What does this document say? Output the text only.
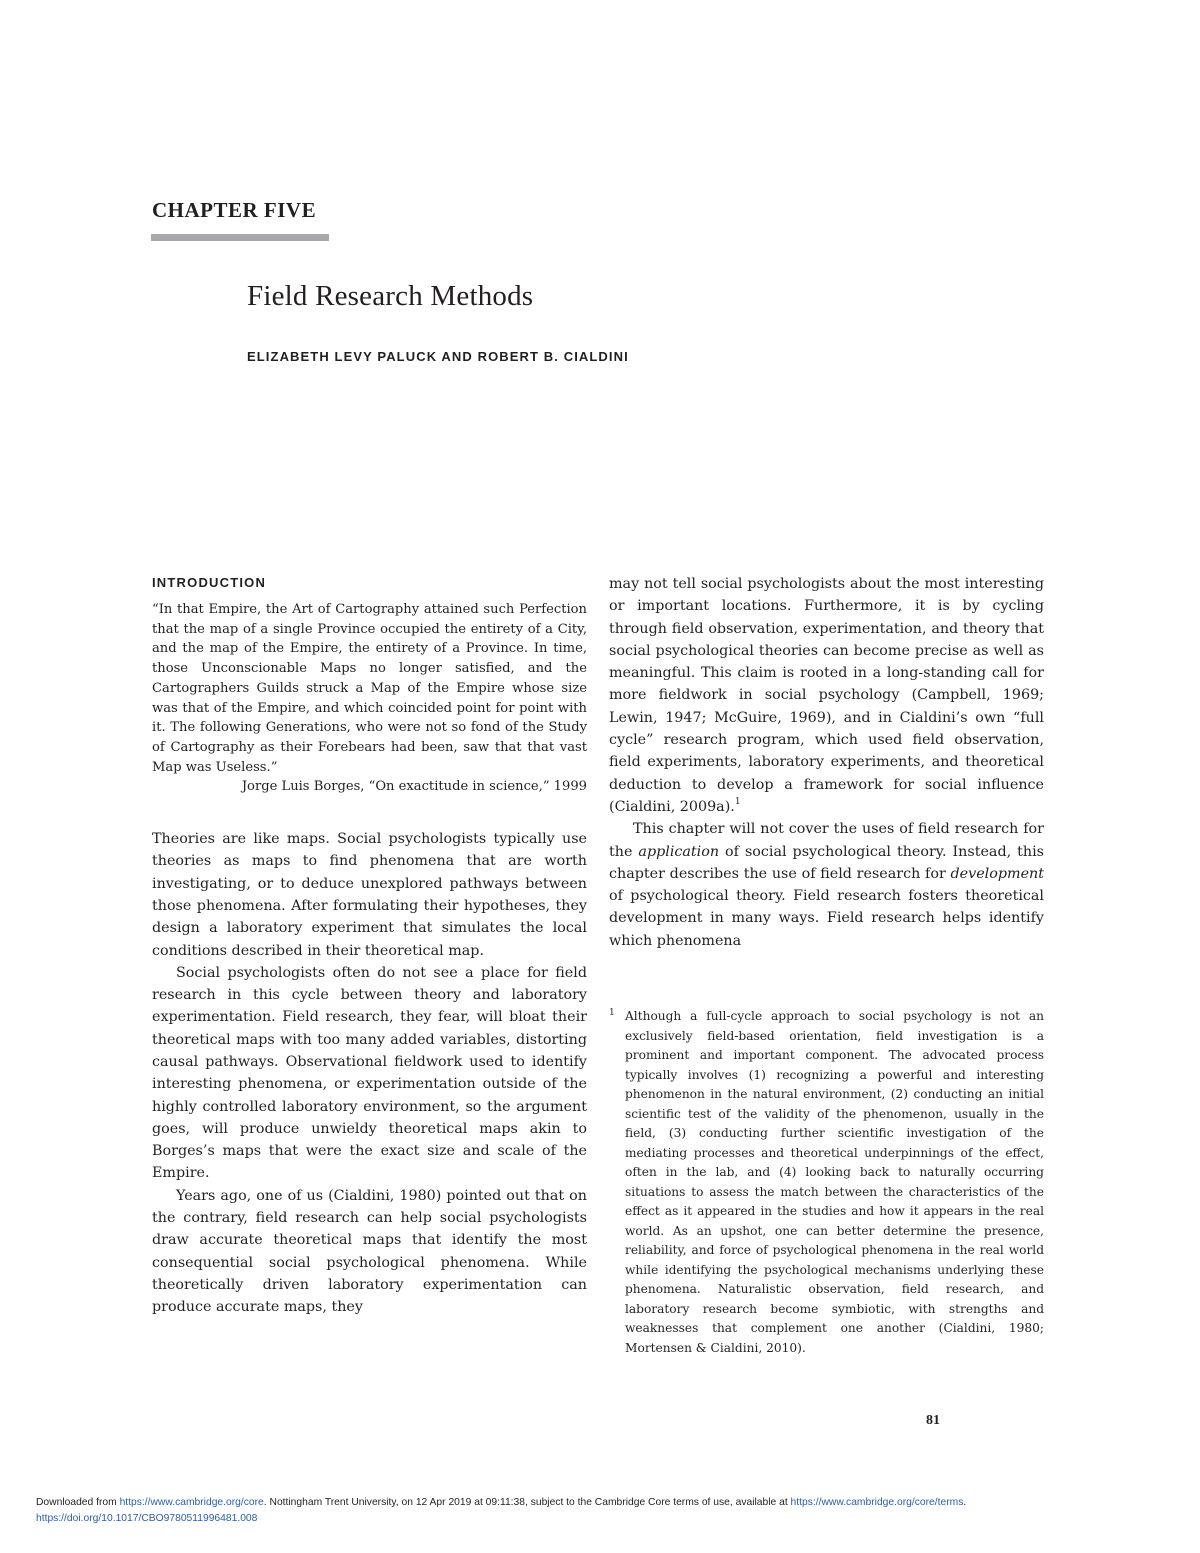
CHAPTER FIVE
Field Research Methods
ELIZABETH LEVY PALUCK AND ROBERT B. CIALDINI
INTRODUCTION

“In that Empire, the Art of Cartography attained such Perfection that the map of a single Province occupied the entirety of a City, and the map of the Empire, the entirety of a Province. In time, those Unconscionable Maps no longer satisfied, and the Cartographers Guilds struck a Map of the Empire whose size was that of the Empire, and which coincided point for point with it. The following Generations, who were not so fond of the Study of Cartography as their Forebears had been, saw that that vast Map was Useless.”

Jorge Luis Borges, “On exactitude in science,” 1999

Theories are like maps. Social psychologists typically use theories as maps to find phenomena that are worth investigating, or to deduce unexplored pathways between those phenomena. After formulating their hypotheses, they design a laboratory experiment that simulates the local conditions described in their theoretical map.

Social psychologists often do not see a place for field research in this cycle between theory and laboratory experimentation. Field research, they fear, will bloat their theoretical maps with too many added variables, distorting causal pathways. Observational fieldwork used to identify interesting phenomena, or experimentation outside of the highly controlled laboratory environment, so the argument goes, will produce unwieldy theoretical maps akin to Borges’s maps that were the exact size and scale of the Empire.

Years ago, one of us (Cialdini, 1980) pointed out that on the contrary, field research can help social psychologists draw accurate theoretical maps that identify the most consequential social psychological phenomena. While theoretically driven laboratory experimentation can produce accurate maps, they

may not tell social psychologists about the most interesting or important locations. Furthermore, it is by cycling through field observation, experimentation, and theory that social psychological theories can become precise as well as meaningful. This claim is rooted in a long-standing call for more fieldwork in social psychology (Campbell, 1969; Lewin, 1947; McGuire, 1969), and in Cialdini’s own “full cycle” research program, which used field observation, field experiments, laboratory experiments, and theoretical deduction to develop a framework for social influence (Cialdini, 2009a).$^1$

This chapter will not cover the uses of field research for the application of social psychological theory. Instead, this chapter describes the use of field research for development of psychological theory. Field research fosters theoretical development in many ways. Field research helps identify which phenomena

1 Although a full-cycle approach to social psychology is not an exclusively field-based orientation, field investigation is a prominent and important component. The advocated process typically involves (1) recognizing a powerful and interesting phenomenon in the natural environment, (2) conducting an initial scientific test of the validity of the phenomenon, usually in the field, (3) conducting further scientific investigation of the mediating processes and theoretical underpinnings of the effect, often in the lab, and (4) looking back to naturally occurring situations to assess the match between the characteristics of the effect as it appeared in the studies and how it appears in the real world. As an upshot, one can better determine the presence, reliability, and force of psychological phenomena in the real world while identifying the psychological mechanisms underlying these phenomena. Naturalistic observation, field research, and laboratory research become symbiotic, with strengths and weaknesses that complement one another (Cialdini, 1980; Mortensen & Cialdini, 2010).
81
Downloaded from https://www.cambridge.org/core. Nottingham Trent University, on 12 Apr 2019 at 09:11:38, subject to the Cambridge Core terms of use, available at https://www.cambridge.org/core/terms.
https://doi.org/10.1017/CBO9780511996481.008
